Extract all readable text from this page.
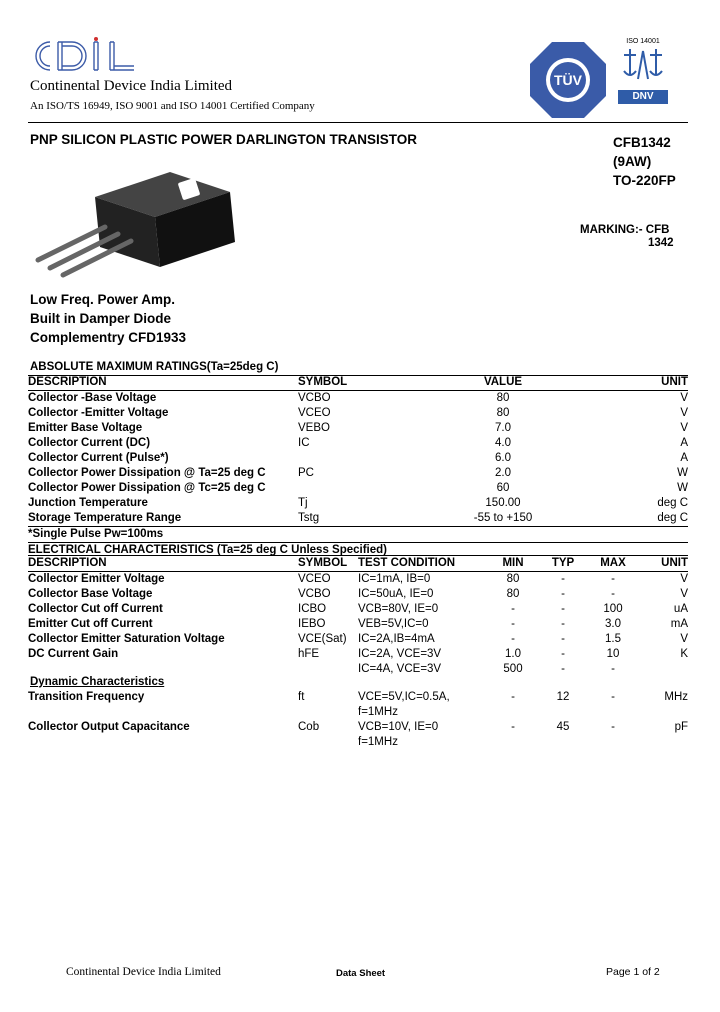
Continental Device India Limited
An ISO/TS 16949, ISO 9001 and ISO 14001 Certified Company
TÜV
ISO 14001
DNV
PNP SILICON PLASTIC POWER DARLINGTON TRANSISTOR	CFB1342
(9AW)
TO-220FP
MARKING:- CFB
1342
Low Freq. Power Amp.
Built in Damper Diode
Complementry CFD1933
ABSOLUTE MAXIMUM RATINGS(Ta=25deg C)
DESCRIPTION	SYMBOL	VALUE	UNIT
Collector -Base Voltage	VCBO	80	V
Collector -Emitter Voltage	VCEO	80	V
Emitter Base Voltage	VEBO	7.0	V
Collector Current (DC)	IC	4.0	A
Collector Current (Pulse*)		6.0	A
Collector Power Dissipation @ Ta=25 deg C	PC	2.0	W
Collector Power Dissipation @ Tc=25 deg C		60	W
Junction Temperature	Tj	150.00	deg C
Storage Temperature Range	Tstg	-55 to +150	deg C
*Single Pulse Pw=100ms			
ELECTRICAL CHARACTERISTICS (Ta=25 deg C Unless Specified)			
DESCRIPTION	SYMBOL	TEST CONDITION	MIN	TYP	MAX	UNIT
Collector Emitter Voltage	VCEO	IC=1mA, IB=0	80	-	-	V
Collector Base Voltage	VCBO	IC=50uA, IE=0	80	-	-	V
Collector Cut off Current	ICBO	VCB=80V, IE=0	-	-	100	uA
Emitter Cut off Current	IEBO	VEB=5V,IC=0	-	-	3.0	mA
Collector Emitter Saturation Voltage	VCE(Sat)	IC=2A,IB=4mA	-	-	1.5	V
DC Current Gain	hFE	IC=2A, VCE=3V	1.0	-	10	K
		IC=4A, VCE=3V	500	-	-	
Dynamic Characteristics
Transition Frequency	ft	VCE=5V,IC=0.5A,	-	12	-	MHz
		f=1MHz				
Collector Output Capacitance	Cob	VCB=10V, IE=0	-	45	-	pF
		f=1MHz				
Continental Device India Limited	Data Sheet	Page 1 of 2
